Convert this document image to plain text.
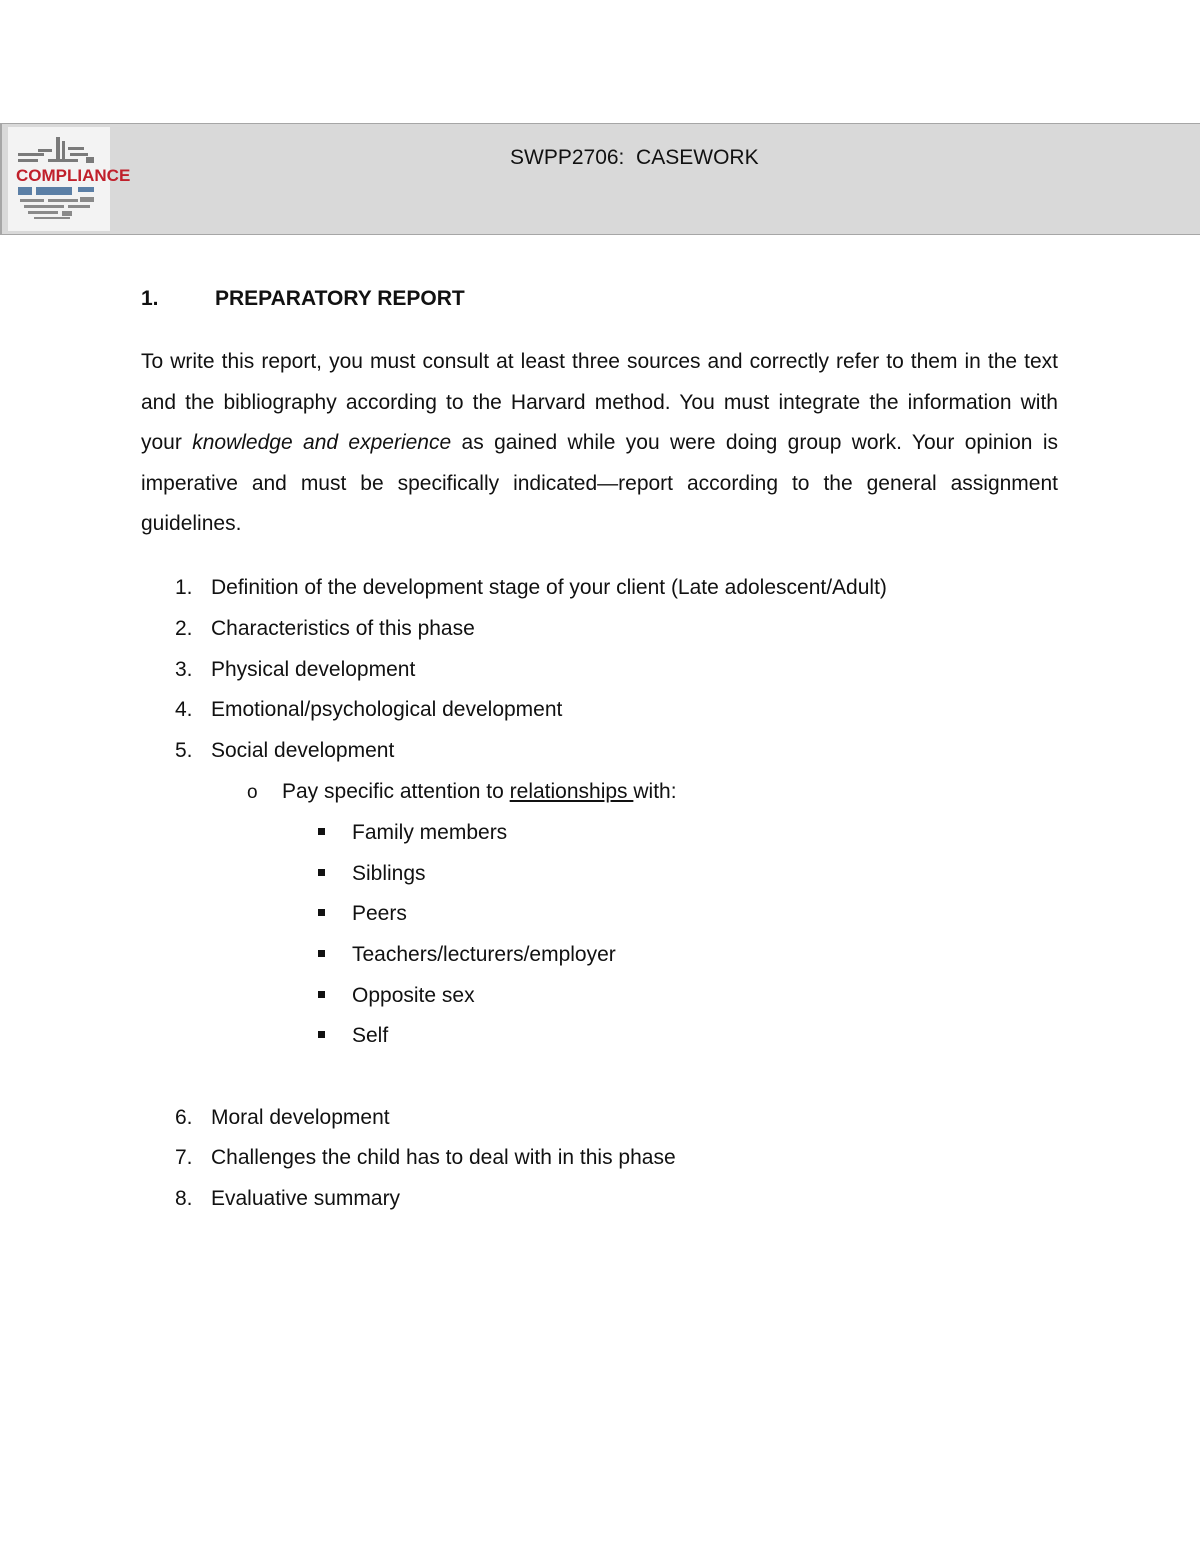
COMPLIANCE
SWPP2706:  CASEWORK
1.	PREPARATORY REPORT

To write this report, you must consult at least three sources and correctly refer to them in the text and the bibliography according to the Harvard method. You must integrate the information with your knowledge and experience as gained while you were doing group work. Your opinion is imperative and must be specifically indicated—report according to the general assignment guidelines.

1. Definition of the development stage of your client (Late adolescent/Adult)
2. Characteristics of this phase
3. Physical development
4. Emotional/psychological development
5. Social development
o Pay specific attention to relationships with:
Family members
Siblings
Peers
Teachers/lecturers/employer
Opposite sex
Self
6. Moral development
7. Challenges the child has to deal with in this phase
8. Evaluative summary
